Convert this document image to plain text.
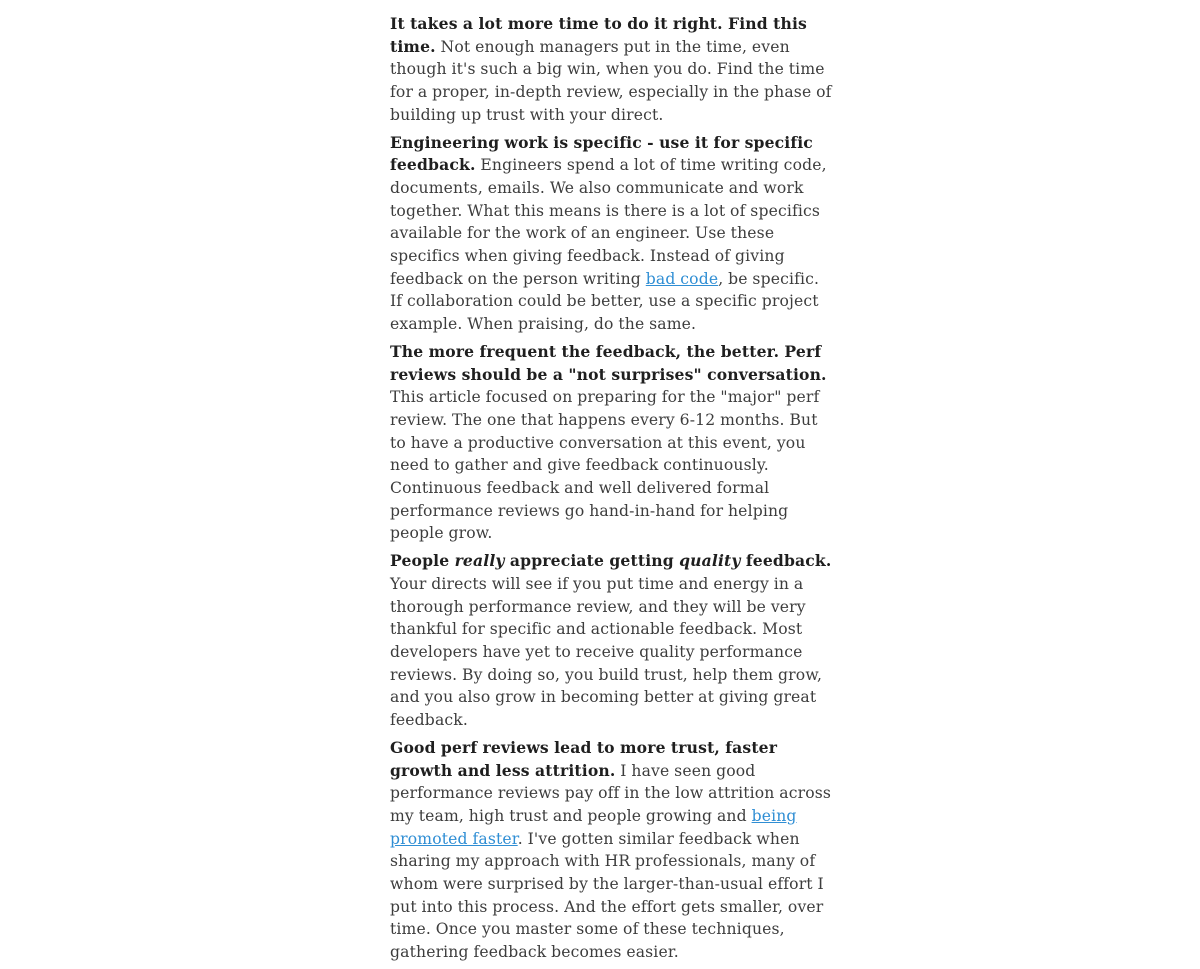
It takes a lot more time to do it right. Find this time. Not enough managers put in the time, even though it's such a big win, when you do. Find the time for a proper, in-depth review, especially in the phase of building up trust with your direct.

Engineering work is specific - use it for specific feedback. Engineers spend a lot of time writing code, documents, emails. We also communicate and work together. What this means is there is a lot of specifics available for the work of an engineer. Use these specifics when giving feedback. Instead of giving feedback on the person writing bad code, be specific. If collaboration could be better, use a specific project example. When praising, do the same.

The more frequent the feedback, the better. Perf reviews should be a "not surprises" conversation. This article focused on preparing for the "major" perf review. The one that happens every 6-12 months. But to have a productive conversation at this event, you need to gather and give feedback continuously. Continuous feedback and well delivered formal performance reviews go hand-in-hand for helping people grow.

People really appreciate getting quality feedback. Your directs will see if you put time and energy in a thorough performance review, and they will be very thankful for specific and actionable feedback. Most developers have yet to receive quality performance reviews. By doing so, you build trust, help them grow, and you also grow in becoming better at giving great feedback.

Good perf reviews lead to more trust, faster growth and less attrition. I have seen good performance reviews pay off in the low attrition across my team, high trust and people growing and being promoted faster. I've gotten similar feedback when sharing my approach with HR professionals, many of whom were surprised by the larger-than-usual effort I put into this process. And the effort gets smaller, over time. Once you master some of these techniques, gathering feedback becomes easier.
